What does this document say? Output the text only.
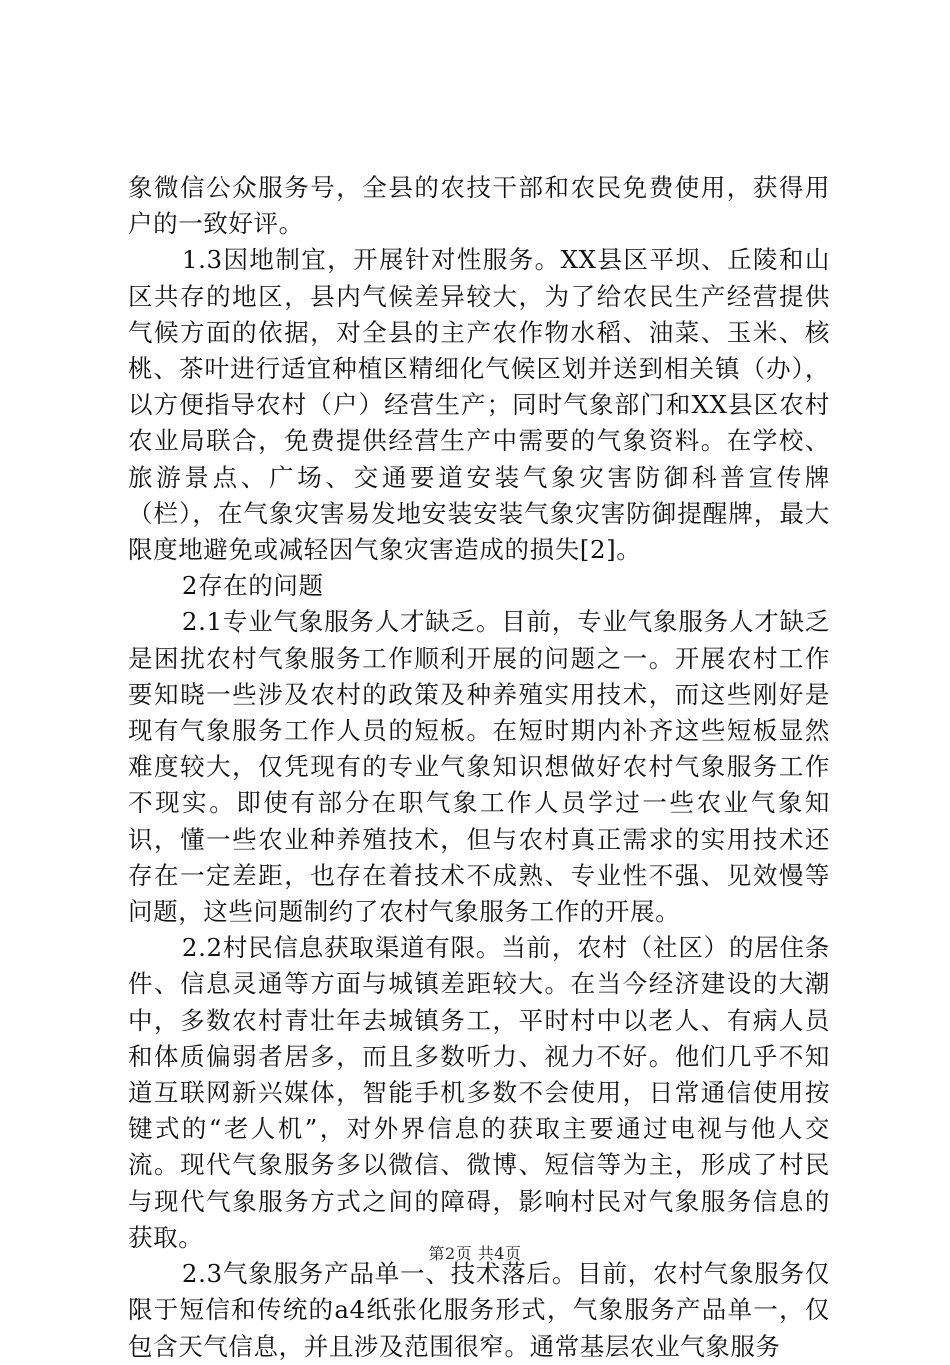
象微信公众服务号，全县的农技干部和农民免费使用，获得用户的一致好评。

1.3因地制宜，开展针对性服务。XX县区平坝、丘陵和山区共存的地区，县内气候差异较大，为了给农民生产经营提供气候方面的依据，对全县的主产农作物水稻、油菜、玉米、核桃、茶叶进行适宜种植区精细化气候区划并送到相关镇（办），以方便指导农村（户）经营生产；同时气象部门和XX县区农村农业局联合，免费提供经营生产中需要的气象资料。在学校、旅游景点、广场、交通要道安装气象灾害防御科普宣传牌（栏），在气象灾害易发地安装安装气象灾害防御提醒牌，最大限度地避免或减轻因气象灾害造成的损失[2]。

2存在的问题

2.1专业气象服务人才缺乏。目前，专业气象服务人才缺乏是困扰农村气象服务工作顺利开展的问题之一。开展农村工作要知晓一些涉及农村的政策及种养殖实用技术，而这些刚好是现有气象服务工作人员的短板。在短时期内补齐这些短板显然难度较大，仅凭现有的专业气象知识想做好农村气象服务工作不现实。即使有部分在职气象工作人员学过一些农业气象知识，懂一些农业种养殖技术，但与农村真正需求的实用技术还存在一定差距，也存在着技术不成熟、专业性不强、见效慢等问题，这些问题制约了农村气象服务工作的开展。

2.2村民信息获取渠道有限。当前，农村（社区）的居住条件、信息灵通等方面与城镇差距较大。在当今经济建设的大潮中，多数农村青壮年去城镇务工，平时村中以老人、有病人员和体质偏弱者居多，而且多数听力、视力不好。他们几乎不知道互联网新兴媒体，智能手机多数不会使用，日常通信使用按键式的“老人机”，对外界信息的获取主要通过电视与他人交流。现代气象服务多以微信、微博、短信等为主，形成了村民与现代气象服务方式之间的障碍，影响村民对气象服务信息的获取。

2.3气象服务产品单一、技术落后。目前，农村气象服务仅限于短信和传统的a4纸张化服务形式，气象服务产品单一，仅包含天气信息，并且涉及范围很窄。通常基层农业气象服务

第2页 共4页
